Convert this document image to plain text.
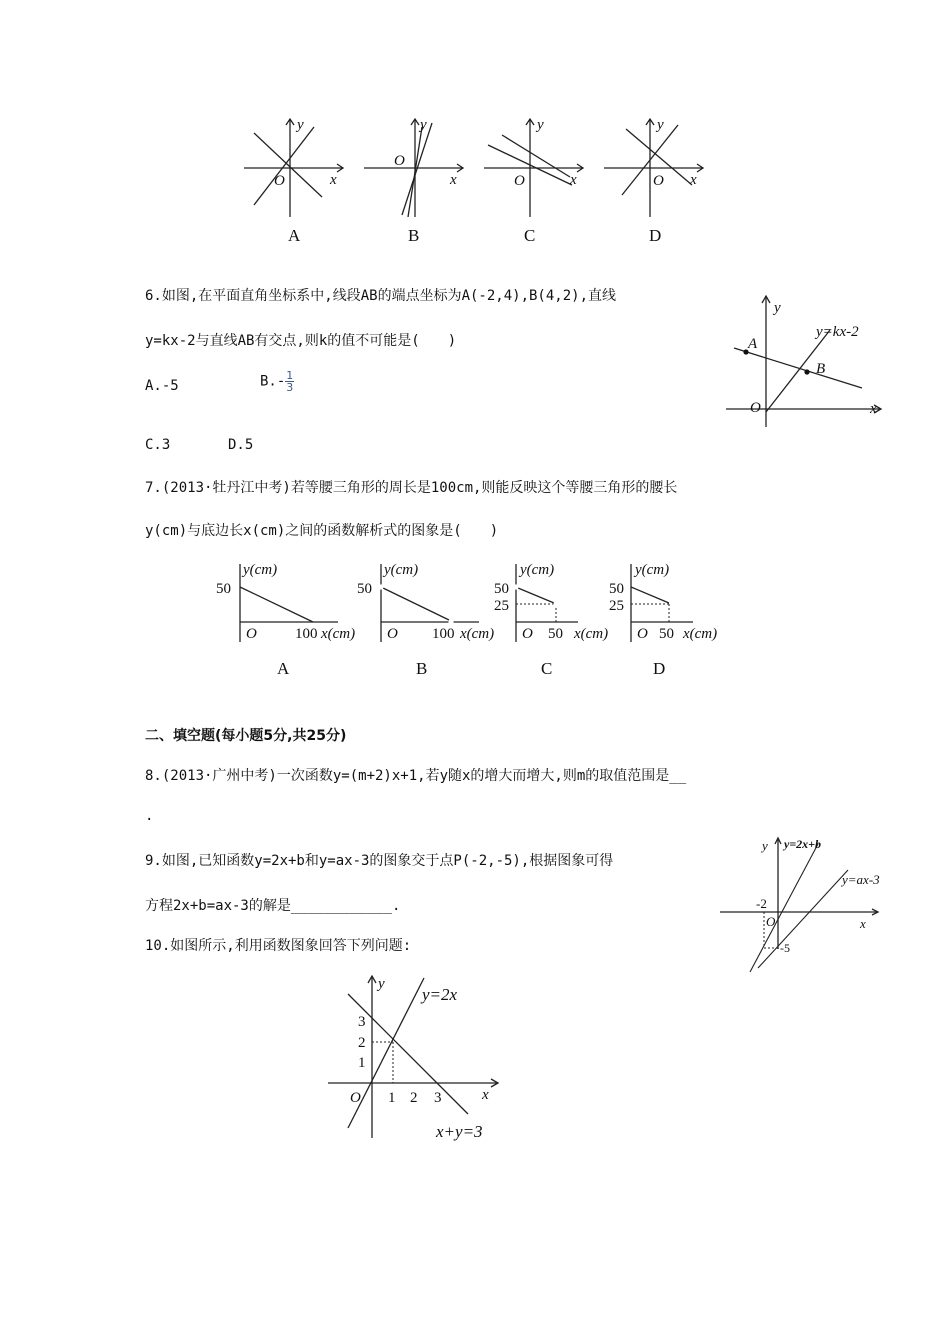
y
x
O
y
x
O
y
x
O
y
x
O
A	B	C	D
6.如图,在平面直角坐标系中,线段AB的端点坐标为A(-2,4),B(4,2),直线
y=kx-2与直线AB有交点,则k的值不可能是(　　)
A.-5	$B.- \frac{1}{3}$
C.3	D.5
y
y=kx-2
A
B
O	x
7.(2013·牡丹江中考)若等腰三角形的周长是100cm,则能反映这个等腰三角形的腰长
y(cm)与底边长x(cm)之间的函数解析式的图象是(　　)
y(cm)
50
O	100 x(cm)
y(cm)
50
O 100 x(cm)
y(cm)
50
25
O 50 x(cm)
y(cm)
50
25
O 50 x(cm)
A	B	C	D
二、填空题(每小题5分,共25分)
8.(2013·广州中考)一次函数y=(m+2)x+1,若y随x的增大而增大,则m的取值范围是__
.
9.如图,已知函数y=2x+b和y=ax-3的图象交于点P(-2,-5),根据图象可得
方程2x+b=ax-3的解是____________.
y y=2x+b
y=ax-3
-2
O
-5
x
10.如图所示,利用函数图象回答下列问题:
y
y=2x
3
2
1
O 1 2 3	x
x+y=3
